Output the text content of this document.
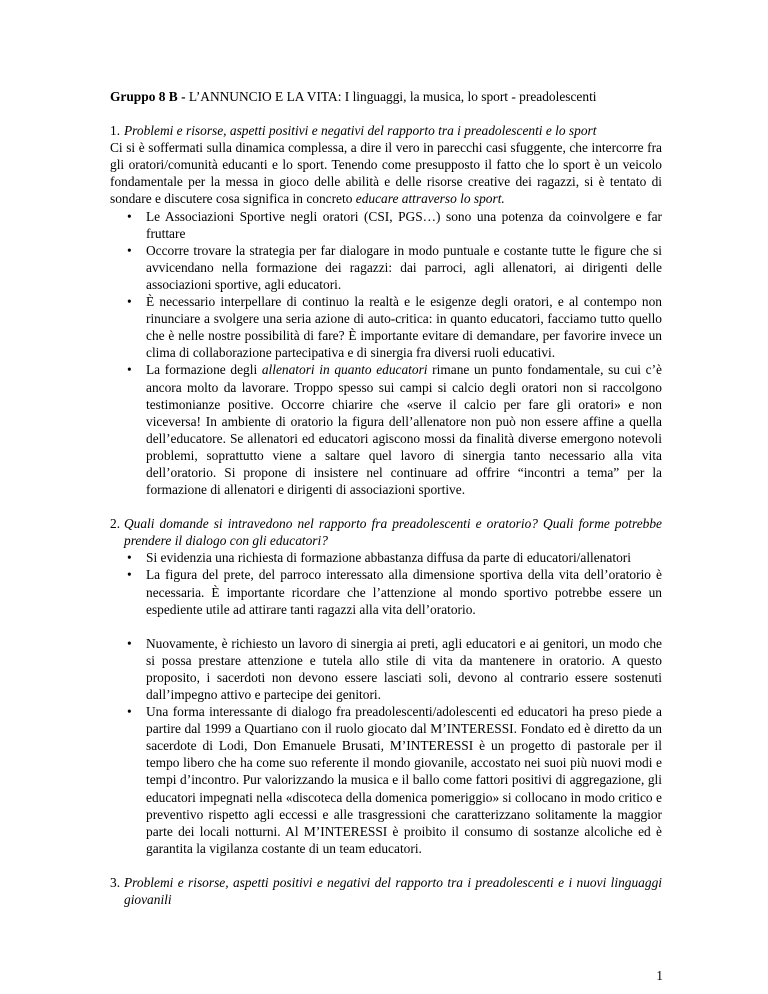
Gruppo 8 B - L’ANNUNCIO E LA VITA: I linguaggi, la musica, lo sport - preadolescenti
1. Problemi e risorse, aspetti positivi e negativi del rapporto tra i preadolescenti e lo sport

Ci si è soffermati sulla dinamica complessa, a dire il vero in parecchi casi sfuggente, che intercorre fra gli oratori/comunità educanti e lo sport. Tenendo come presupposto il fatto che lo sport è un veicolo fondamentale per la messa in gioco delle abilità e delle risorse creative dei ragazzi, si è tentato di sondare e discutere cosa significa in concreto educare attraverso lo sport.

• Le Associazioni Sportive negli oratori (CSI, PGS…) sono una potenza da coinvolgere e far fruttare
• Occorre trovare la strategia per far dialogare in modo puntuale e costante tutte le figure che si avvicendano nella formazione dei ragazzi: dai parroci, agli allenatori, ai dirigenti delle associazioni sportive, agli educatori.
• È necessario interpellare di continuo la realtà e le esigenze degli oratori, e al contempo non rinunciare a svolgere una seria azione di auto-critica: in quanto educatori, facciamo tutto quello che è nelle nostre possibilità di fare? È importante evitare di demandare, per favorire invece un clima di collaborazione partecipativa e di sinergia fra diversi ruoli educativi.
• La formazione degli allenatori in quanto educatori rimane un punto fondamentale, su cui c’è ancora molto da lavorare. Troppo spesso sui campi si calcio degli oratori non si raccolgono testimonianze positive. Occorre chiarire che «serve il calcio per fare gli oratori» e non viceversa! In ambiente di oratorio la figura dell’allenatore non può non essere affine a quella dell’educatore. Se allenatori ed educatori agiscono mossi da finalità diverse emergono notevoli problemi, soprattutto viene a saltare quel lavoro di sinergia tanto necessario alla vita dell’oratorio. Si propone di insistere nel continuare ad offrire “incontri a tema” per la formazione di allenatori e dirigenti di associazioni sportive.
2. Quali domande si intravedono nel rapporto fra preadolescenti e oratorio? Quali forme potrebbe prendere il dialogo con gli educatori?
• Si evidenzia una richiesta di formazione abbastanza diffusa da parte di educatori/allenatori
• La figura del prete, del parroco interessato alla dimensione sportiva della vita dell’oratorio è necessaria. È importante ricordare che l’attenzione al mondo sportivo potrebbe essere un espediente utile ad attirare tanti ragazzi alla vita dell’oratorio.
• Nuovamente, è richiesto un lavoro di sinergia ai preti, agli educatori e ai genitori, un modo che si possa prestare attenzione e tutela allo stile di vita da mantenere in oratorio. A questo proposito, i sacerdoti non devono essere lasciati soli, devono al contrario essere sostenuti dall’impegno attivo e partecipe dei genitori.
• Una forma interessante di dialogo fra preadolescenti/adolescenti ed educatori ha preso piede a partire dal 1999 a Quartiano con il ruolo giocato dal M’INTERESSI. Fondato ed è diretto da un sacerdote di Lodi, Don Emanuele Brusati, M’INTERESSI è un progetto di pastorale per il tempo libero che ha come suo referente il mondo giovanile, accostato nei suoi più nuovi modi e tempi d’incontro. Pur valorizzando la musica e il ballo come fattori positivi di aggregazione, gli educatori impegnati nella «discoteca della domenica pomeriggio» si collocano in modo critico e preventivo rispetto agli eccessi e alle trasgressioni che caratterizzano solitamente la maggior parte dei locali notturni. Al M’INTERESSI è proibito il consumo di sostanze alcoliche ed è garantita la vigilanza costante di un team educatori.
3. Problemi e risorse, aspetti positivi e negativi del rapporto tra i preadolescenti e i nuovi linguaggi giovanili
1
